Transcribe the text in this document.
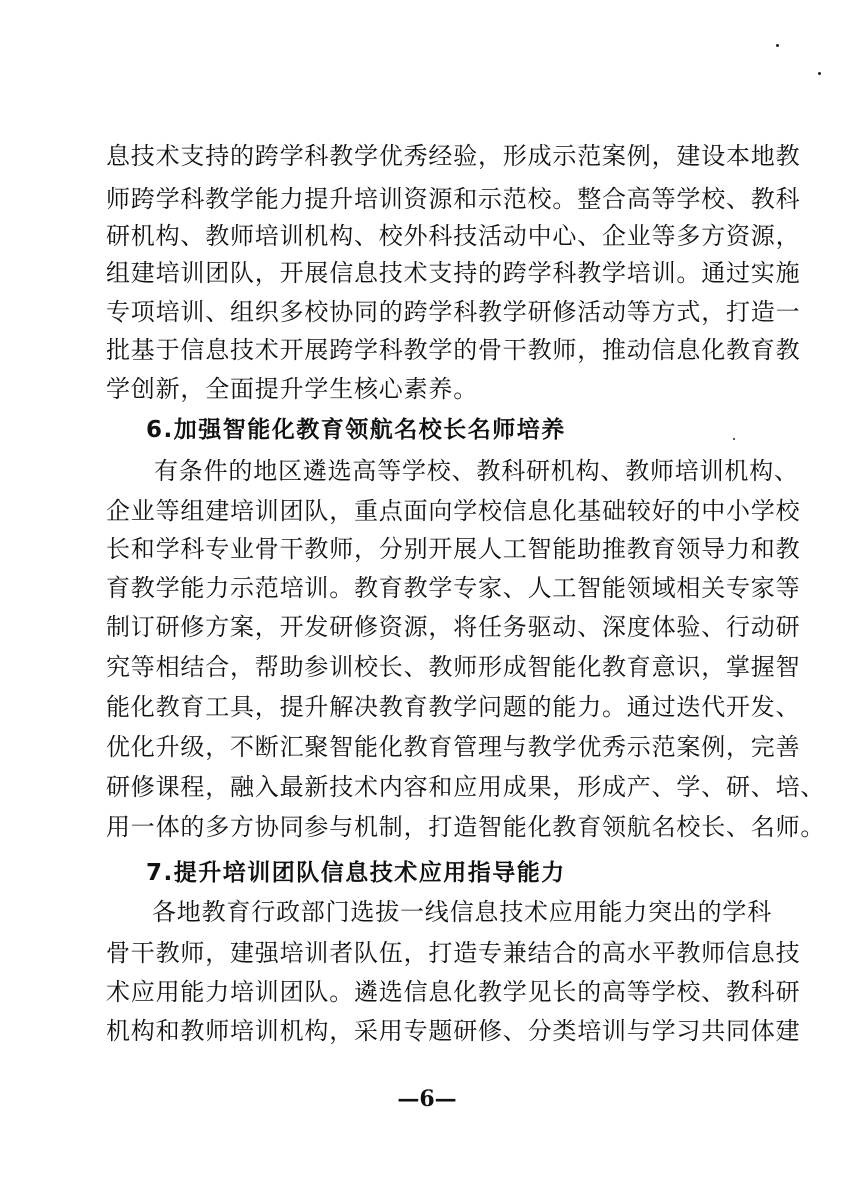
息技术支持的跨学科教学优秀经验，形成示范案例，建设本地教
师跨学科教学能力提升培训资源和示范校。整合高等学校、教科
研机构、教师培训机构、校外科技活动中心、企业等多方资源，
组建培训团队，开展信息技术支持的跨学科教学培训。通过实施
专项培训、组织多校协同的跨学科教学研修活动等方式，打造一
批基于信息技术开展跨学科教学的骨干教师，推动信息化教育教
学创新，全面提升学生核心素养。
6.加强智能化教育领航名校长名师培养
有条件的地区遴选高等学校、教科研机构、教师培训机构、
企业等组建培训团队，重点面向学校信息化基础较好的中小学校
长和学科专业骨干教师，分别开展人工智能助推教育领导力和教
育教学能力示范培训。教育教学专家、人工智能领域相关专家等
制订研修方案，开发研修资源，将任务驱动、深度体验、行动研
究等相结合，帮助参训校长、教师形成智能化教育意识，掌握智
能化教育工具，提升解决教育教学问题的能力。通过迭代开发、
优化升级，不断汇聚智能化教育管理与教学优秀示范案例，完善
研修课程，融入最新技术内容和应用成果，形成产、学、研、培、
用一体的多方协同参与机制，打造智能化教育领航名校长、名师。
7.提升培训团队信息技术应用指导能力
各地教育行政部门选拔一线信息技术应用能力突出的学科
骨干教师，建强培训者队伍，打造专兼结合的高水平教师信息技
术应用能力培训团队。遴选信息化教学见长的高等学校、教科研
机构和教师培训机构，采用专题研修、分类培训与学习共同体建
—6—
